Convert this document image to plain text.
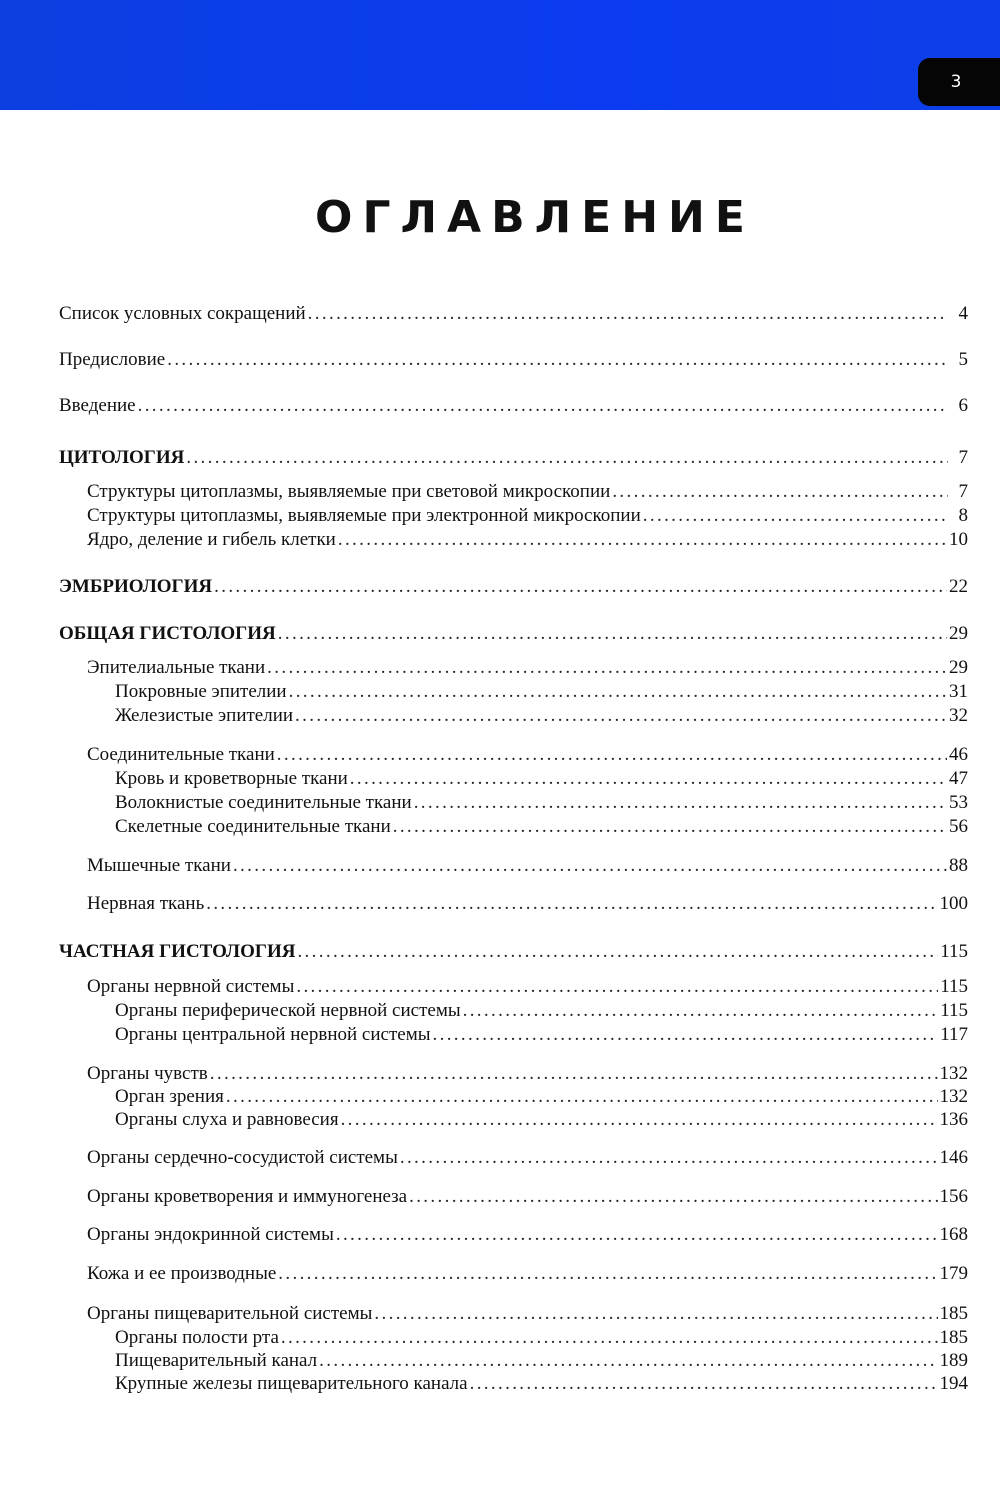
3
ОГЛАВЛЕНИЕ
Список условных сокращений . . .	4
Предисловие . . .	5
Введение . . .	6
ЦИТОЛОГИЯ . . .	7
Структуры цитоплазмы, выявляемые при световой микроскопии . . .	7
Структуры цитоплазмы, выявляемые при электронной микроскопии . . .	8
Ядро, деление и гибель клетки . . .	10
ЭМБРИОЛОГИЯ . . .	22
ОБЩАЯ ГИСТОЛОГИЯ . . .	29
Эпителиальные ткани . . .	29
Покровные эпителии . . .	31
Железистые эпителии . . .	32
Соединительные ткани . . .	46
Кровь и кроветворные ткани . . .	47
Волокнистые соединительные ткани . . .	53
Скелетные соединительные ткани . . .	56
Мышечные ткани . . .	88
Нервная ткань . . .	100
ЧАСТНАЯ ГИСТОЛОГИЯ . . .	115
Органы нервной системы . . .	115
Органы периферической нервной системы . . .	115
Органы центральной нервной системы . . .	117
Органы чувств . . .	132
Орган зрения . . .	132
Органы слуха и равновесия . . .	136
Органы сердечно-сосудистой системы . . .	146
Органы кроветворения и иммуногенеза . . .	156
Органы эндокринной системы . . .	168
Кожа и ее производные . . .	179
Органы пищеварительной системы . . .	185
Органы полости рта . . .	185
Пищеварительный канал . . .	189
Крупные железы пищеварительного канала . . .	194
